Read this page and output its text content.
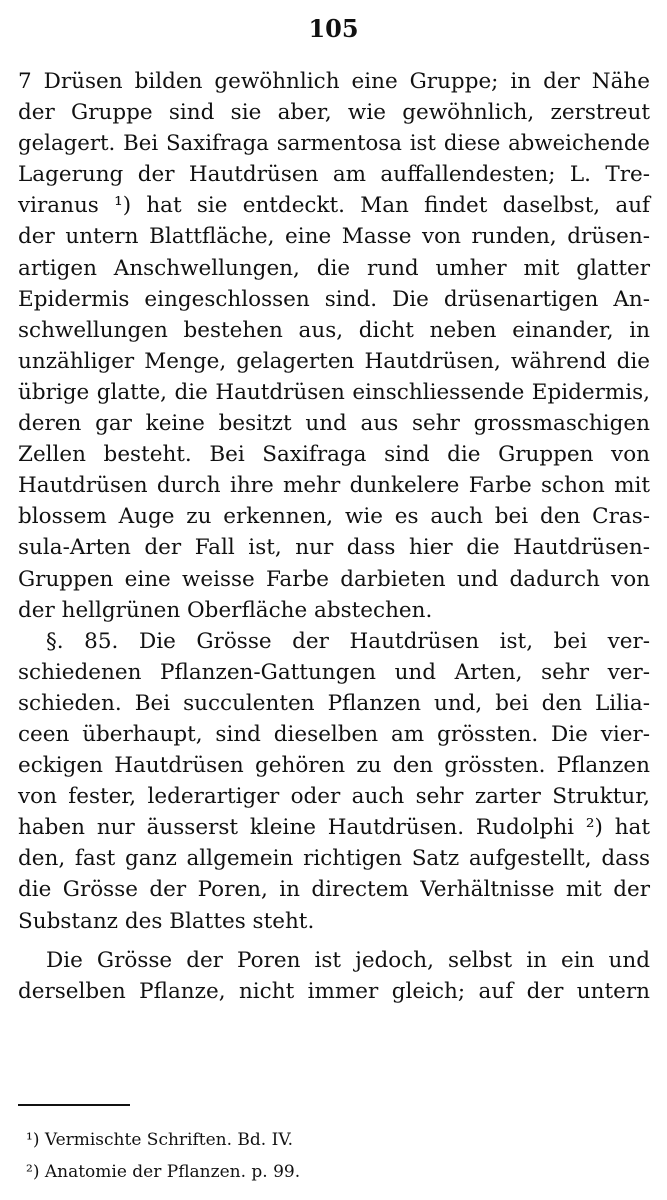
105
7 Drüsen bilden gewöhnlich eine Gruppe; in der Nähe
der Gruppe sind sie aber, wie gewöhnlich, zerstreut
gelagert. Bei Saxifraga sarmentosa ist diese abweichende
Lagerung der Hautdrüsen am auffallendesten; L. Tre-
viranus ¹) hat sie entdeckt. Man findet daselbst, auf
der untern Blattfläche, eine Masse von runden, drüsen-
artigen Anschwellungen, die rund umher mit glatter
Epidermis eingeschlossen sind. Die drüsenartigen An-
schwellungen bestehen aus, dicht neben einander, in
unzähliger Menge, gelagerten Hautdrüsen, während die
übrige glatte, die Hautdrüsen einschliessende Epidermis,
deren gar keine besitzt und aus sehr grossmaschigen
Zellen besteht. Bei Saxifraga sind die Gruppen von
Hautdrüsen durch ihre mehr dunkelere Farbe schon mit
blossem Auge zu erkennen, wie es auch bei den Cras-
sula-Arten der Fall ist, nur dass hier die Hautdrüsen-
Gruppen eine weisse Farbe darbieten und dadurch von
der hellgrünen Oberfläche abstechen.
§. 85. Die Grösse der Hautdrüsen ist, bei ver-
schiedenen Pflanzen-Gattungen und Arten, sehr ver-
schieden. Bei succulenten Pflanzen und, bei den Lilia-
ceen überhaupt, sind dieselben am grössten. Die vier-
eckigen Hautdrüsen gehören zu den grössten. Pflanzen
von fester, lederartiger oder auch sehr zarter Struktur,
haben nur äusserst kleine Hautdrüsen. Rudolphi ²) hat
den, fast ganz allgemein richtigen Satz aufgestellt, dass
die Grösse der Poren, in directem Verhältnisse mit der
Substanz des Blattes steht.
Die Grösse der Poren ist jedoch, selbst in ein und
derselben Pflanze, nicht immer gleich; auf der untern
¹) Vermischte Schriften. Bd. IV.
²) Anatomie der Pflanzen. p. 99.
